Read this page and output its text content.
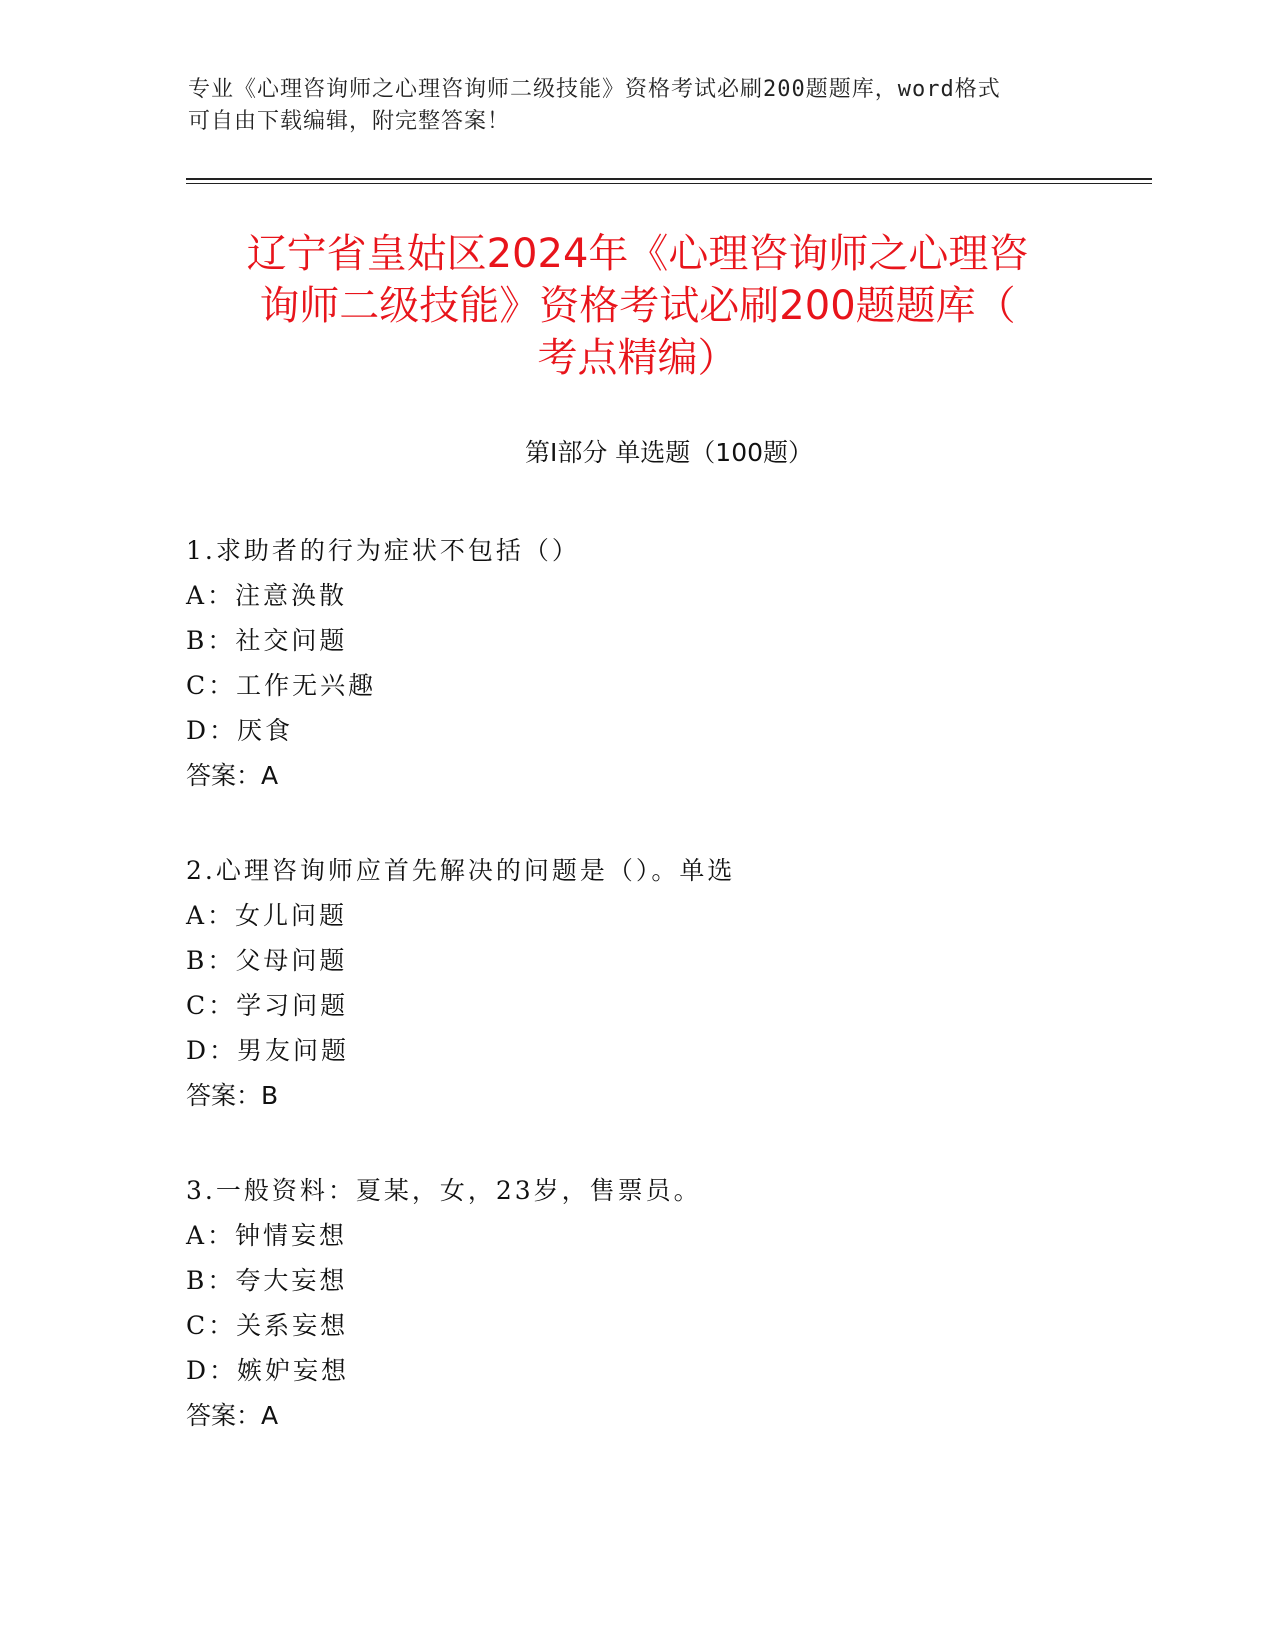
专业《心理咨询师之心理咨询师二级技能》资格考试必刷200题题库，word格式
可自由下载编辑，附完整答案！
辽宁省皇姑区2024年《心理咨询师之心理咨
询师二级技能》资格考试必刷200题题库（
考点精编）
第Ⅰ部分 单选题（100题）
1.求助者的行为症状不包括（）
A：注意涣散
B：社交问题
C：工作无兴趣
D：厌食
答案：A
2.心理咨询师应首先解决的问题是（）。单选
A：女儿问题
B：父母问题
C：学习问题
D：男友问题
答案：B
3.一般资料：夏某，女，23岁，售票员。
A：钟情妄想
B：夸大妄想
C：关系妄想
D：嫉妒妄想
答案：A
